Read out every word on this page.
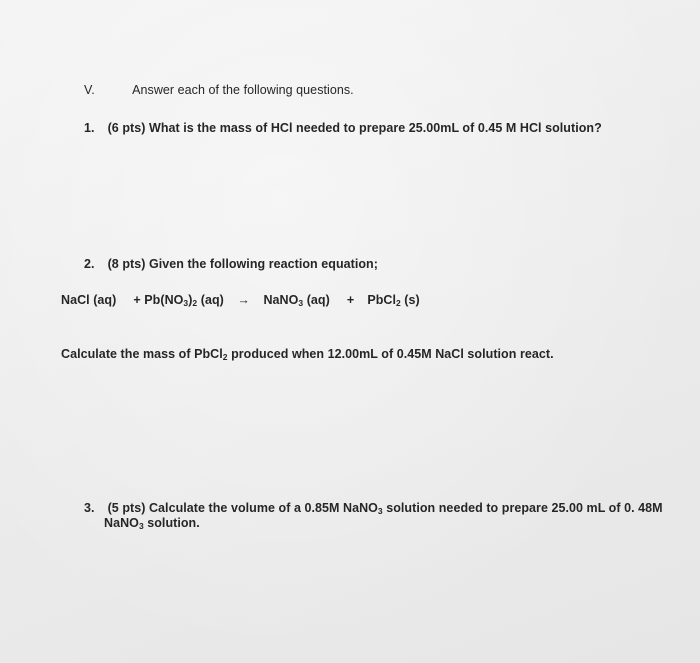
V.	Answer each of the following questions.
1. (6 pts) What is the mass of HCl needed to prepare 25.00mL of 0.45 M HCl solution?
2. (8 pts) Given the following reaction equation;
NaCl $(aq) + Pb(NO_3)_2$ (aq) → NaNO$_3$ (aq) + PbCl$_2$ (s)
Calculate the mass of PbCl$_2$ produced when 12.00mL of 0.45M NaCl solution react.
3. (5 pts) Calculate the volume of a 0.85M NaNO$_3$ solution needed to prepare 25.00 mL of 0. 48M
NaNO$_3$ solution.
